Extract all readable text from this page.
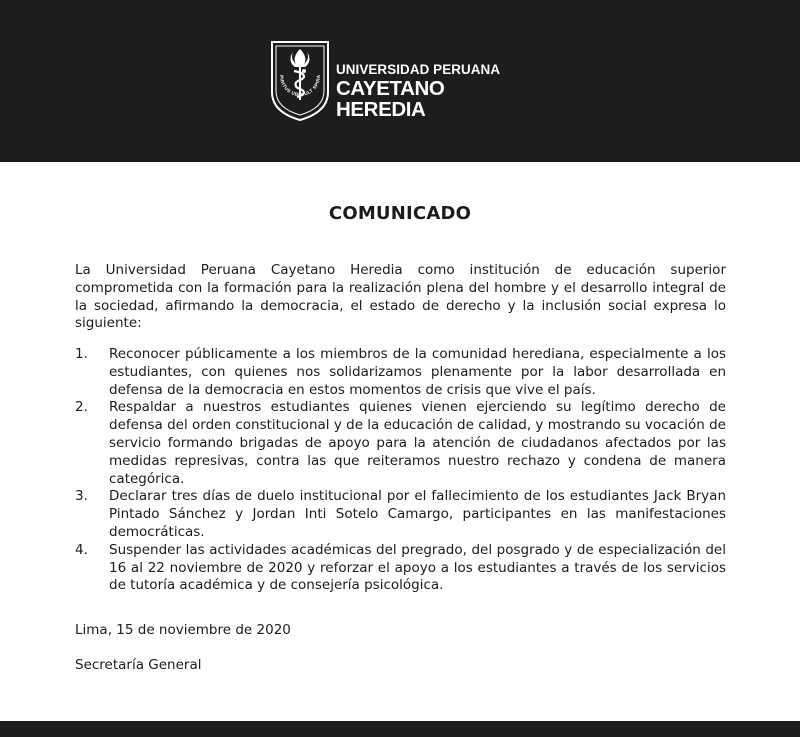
PIRITUS UBI VULT SPIRA UNIVERSIDAD PERUANA
CAYETANO HEREDIA
COMUNICADO

La Universidad Peruana Cayetano Heredia como institución de educación superior comprometida con la formación para la realización plena del hombre y el desarrollo integral de la sociedad, afirmando la democracia, el estado de derecho y la inclusión social expresa lo siguiente:

1. Reconocer públicamente a los miembros de la comunidad herediana, especialmente a los estudiantes, con quienes nos solidarizamos plenamente por la labor desarrollada en defensa de la democracia en estos momentos de crisis que vive el país.
2. Respaldar a nuestros estudiantes quienes vienen ejerciendo su legítimo derecho de defensa del orden constitucional y de la educación de calidad, y mostrando su vocación de servicio formando brigadas de apoyo para la atención de ciudadanos afectados por las medidas represivas, contra las que reiteramos nuestro rechazo y condena de manera categórica.
3. Declarar tres días de duelo institucional por el fallecimiento de los estudiantes Jack Bryan Pintado Sánchez y Jordan Inti Sotelo Camargo, participantes en las manifestaciones democráticas.
4. Suspender las actividades académicas del pregrado, del posgrado y de especialización del 16 al 22 noviembre de 2020 y reforzar el apoyo a los estudiantes a través de los servicios de tutoría académica y de consejería psicológica.

Lima, 15 de noviembre de 2020

Secretaría General
